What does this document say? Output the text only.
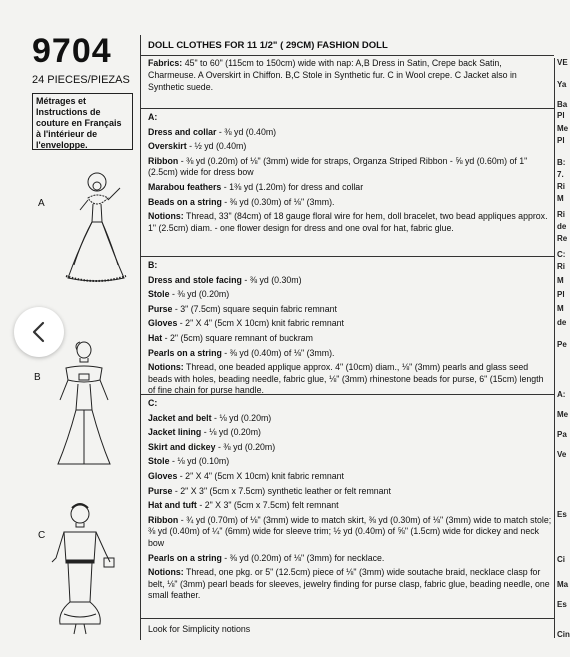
9704
24 PIECES/PIEZAS
Métrages et Instructions de couture en Français à l'intérieur de l'enveloppe.
DOLL CLOTHES FOR 11 1/2" ( 29CM) FASHION DOLL
Fabrics: 45" to 60" (115cm to 150cm) wide with nap: A,B Dress in Satin, Crepe back Satin, Charmeuse. A Overskirt in Chiffon. B,C Stole in Synthetic fur. C in Wool crepe. C Jacket also in Synthetic suede.
A:
Dress and collar - ⅜ yd (0.40m)
Overskirt - ½ yd (0.40m)
Ribbon - ⅜ yd (0.20m) of ⅛" (3mm) wide for straps, Organza Striped Ribbon - ⅝ yd (0.60m) of 1" (2.5cm) wide for dress bow
Marabou feathers - 1⅜ yd (1.20m) for dress and collar
Beads on a string - ⅜ yd (0.30m) of ⅛" (3mm).
Notions: Thread, 33" (84cm) of 18 gauge floral wire for hem, doll bracelet, two bead appliques approx. 1" (2.5cm) diam. - one flower design for dress and one oval for hat, fabric glue.
B:
Dress and stole facing - ⅜ yd (0.30m)
Stole - ⅜ yd (0.20m)
Purse - 3" (7.5cm) square sequin fabric remnant
Gloves - 2" X 4" (5cm X 10cm) knit fabric remnant
Hat - 2" (5cm) square remnant of buckram
Pearls on a string - ⅜ yd (0.40m) of ⅛" (3mm).
Notions: Thread, one beaded applique approx. 4" (10cm) diam., ⅛" (3mm) pearls and glass seed beads with holes, beading needle, fabric glue, ⅛" (3mm) rhinestone beads for purse, 6" (15cm) length of fine chain for purse handle.
C:
Jacket and belt - ⅛ yd (0.20m)
Jacket lining - ⅛ yd (0.20m)
Skirt and dickey - ⅜ yd (0.20m)
Stole - ⅛ yd (0.10m)
Gloves - 2" X 4" (5cm X 10cm) knit fabric remnant
Purse - 2" X 3" (5cm x 7.5cm) synthetic leather or felt remnant
Hat and tuft - 2" X 3" (5cm x 7.5cm) felt remnant
Ribbon - ¾ yd (0.70m) of ⅛" (3mm) wide to match skirt, ⅜ yd (0.30m) of ⅛" (3mm) wide to match stole; ⅜ yd (0.40m) of ¼" (6mm) wide for sleeve trim; ½ yd (0.40m) of ⅝" (1.5cm) wide for dickey and neck bow
Pearls on a string - ⅜ yd (0.20m) of ⅛" (3mm) for necklace.
Notions: Thread, one pkg. or 5" (12.5cm) piece of ⅛" (3mm) wide soutache braid, necklace clasp for belt, ⅛" (3mm) pearl beads for sleeves, jewelry finding for purse clasp, fabric glue, beading needle, one small feather.
Look for Simplicity notions
VE
Ya
Ba
Pl
Me
Pl
B:
7.
Ri
M
Ri
de
Re
C:
Ri
M
Pl
M
de
Pe
A:
Me
Pa
Ve
Es
Ci
Ma
Es
Cin
A
B
C
